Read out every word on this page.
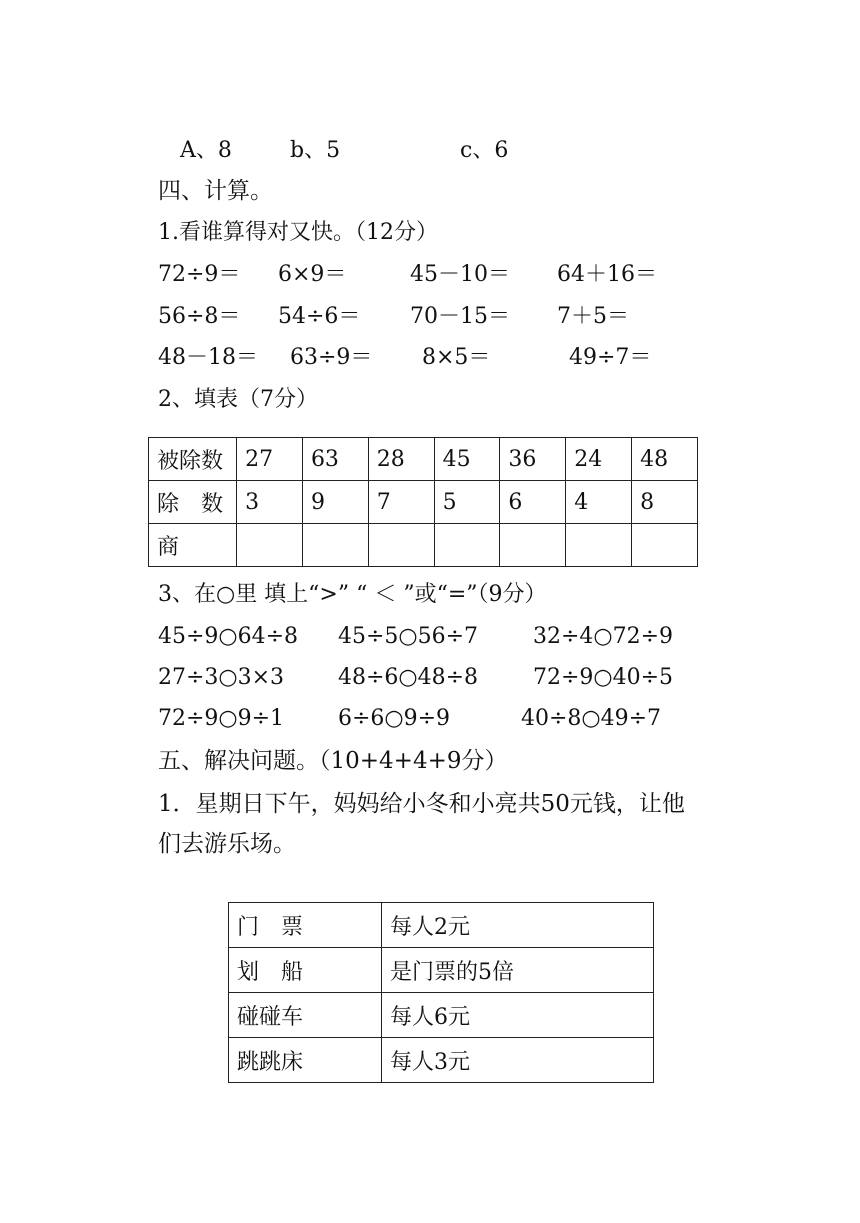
A、8	b、5	c、6
四、计算。
1.看谁算得对又快。（12分）
72÷9＝ 6×9＝	45－10＝ 64＋16＝
56÷8＝ 54÷6＝ 70－15＝ 7＋5＝
48－18＝ 63÷9＝ 8×5＝	49÷7＝
2、填表（7分）
被除数	27	63	28	45	36	24	48
除　数	3	9	7	5	6	4	8
商							
3、在○里 填上“>” “ ＜ ”或“=”（9分）
45÷9○64÷8 45÷5○56÷7 32÷4○72÷9
27÷3○3×3 48÷6○48÷8 72÷9○40÷5
72÷9○9÷1 6÷6○9÷9	40÷8○49÷7
五、解决问题。（10+4+4+9分）
1．星期日下午，妈妈给小冬和小亮共50元钱，让他
们去游乐场。
门　票	每人2元
划　船	是门票的5倍
碰碰车	每人6元
跳跳床	每人3元
